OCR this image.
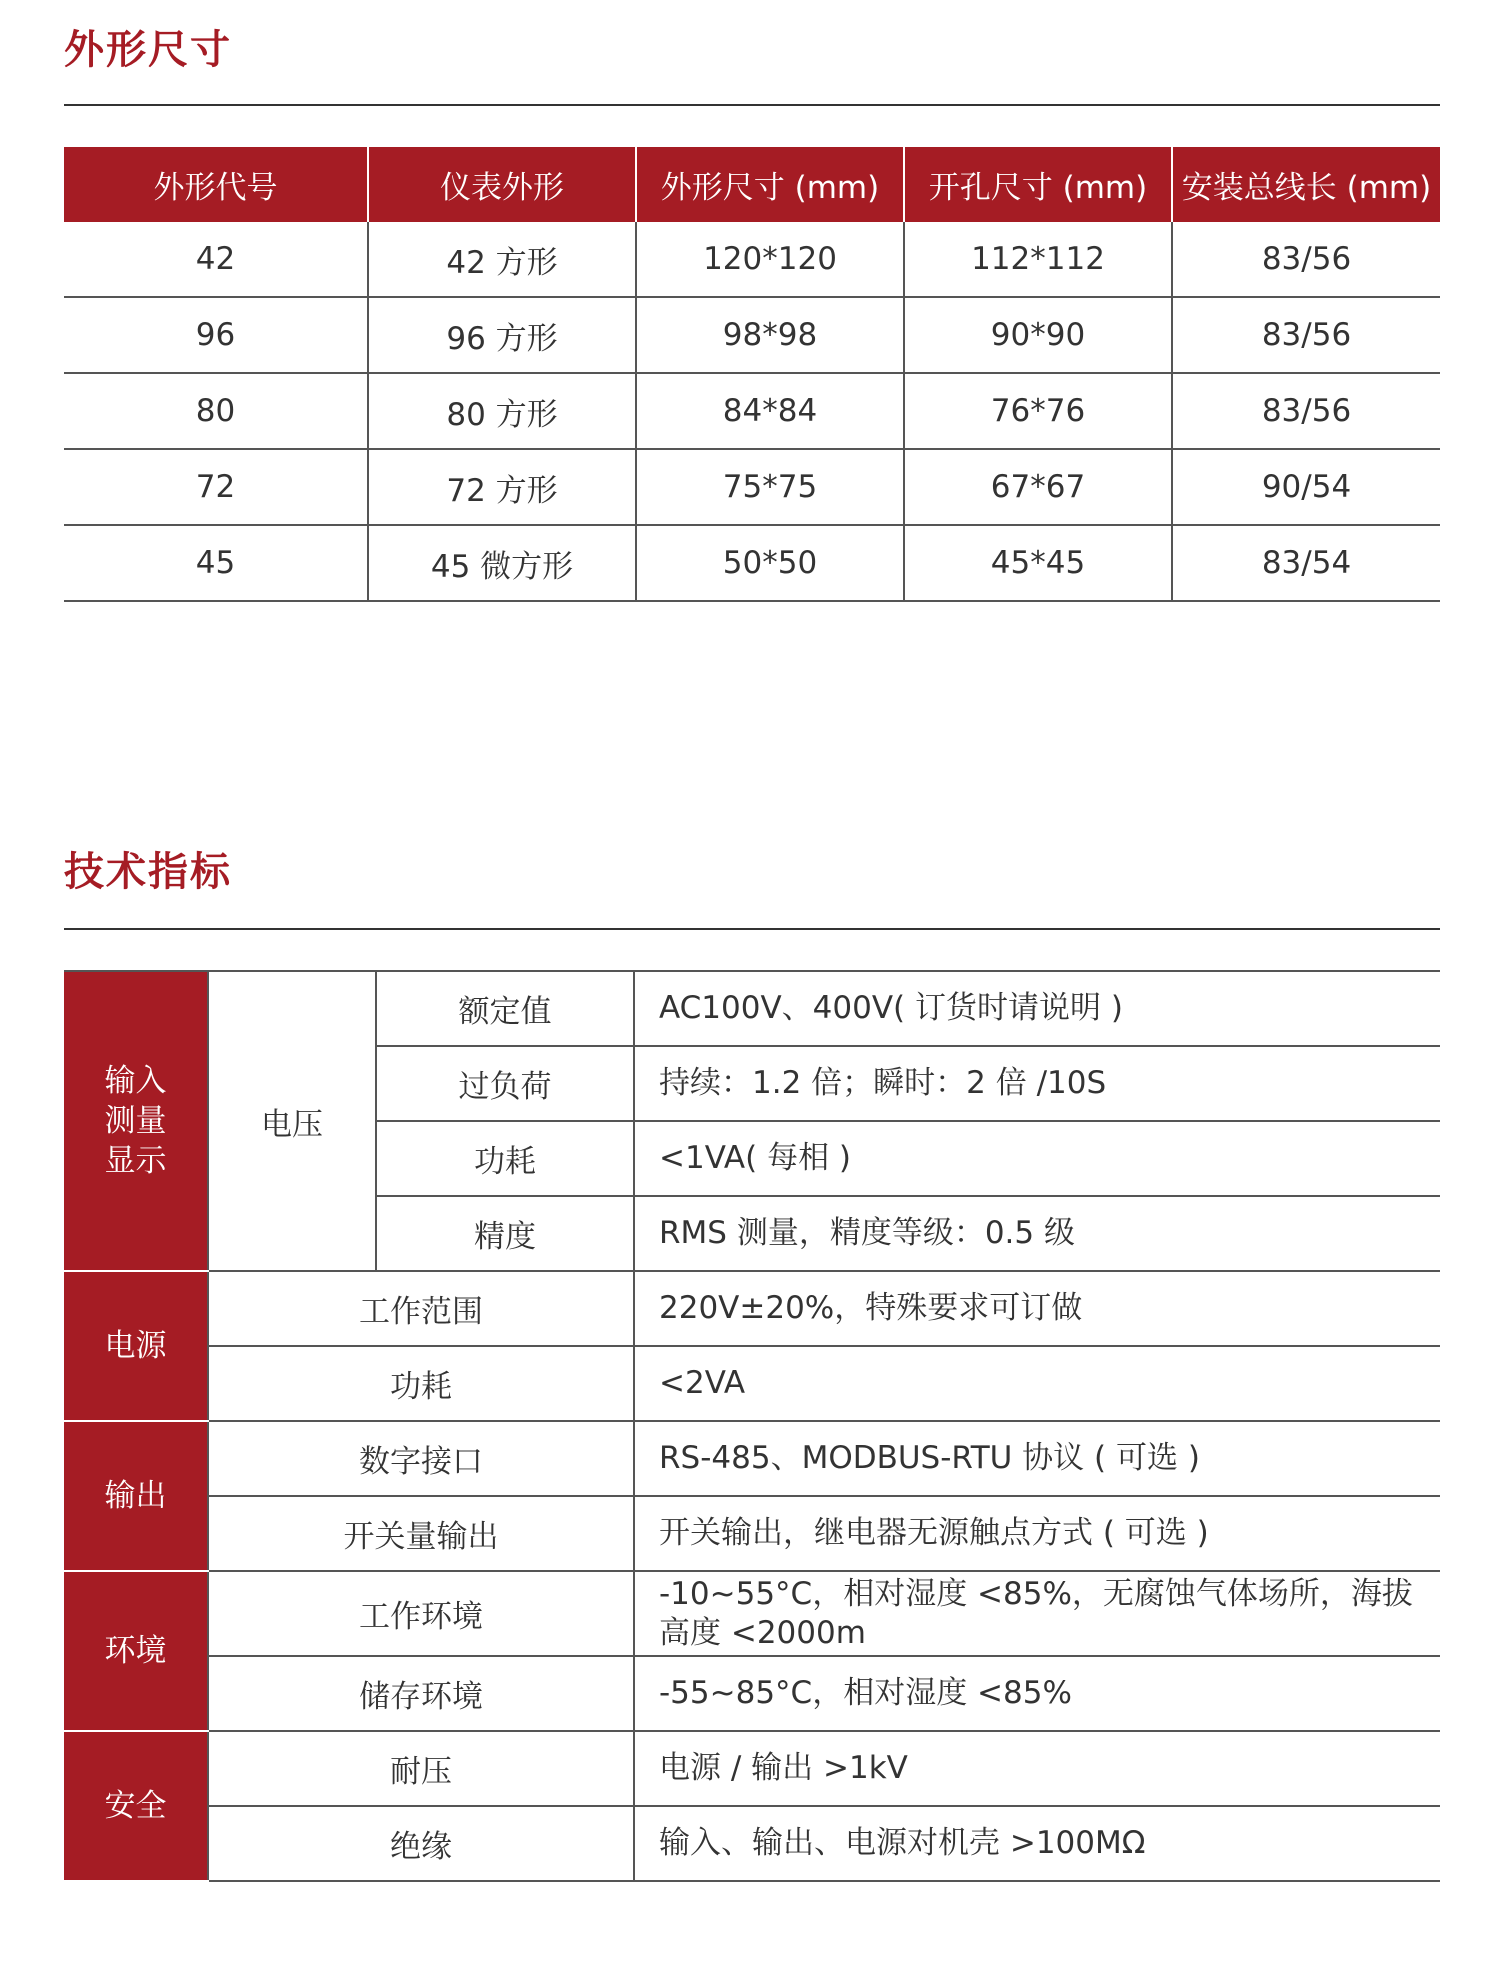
外形尺寸
外形代号	仪表外形	外形尺寸 (mm)	开孔尺寸 (mm)	安装总线长 (mm)
42	42 方形	120*120	112*112	83/56
96	96 方形	98*98	90*90	83/56
80	80 方形	84*84	76*76	83/56
72	72 方形	75*75	67*67	90/54
45	45 微方形	50*50	45*45	83/54
技术指标
输入测量显示	电压	额定值	AC100V、400V( 订货时请说明 )
		过负荷	持续：1.2 倍；瞬时：2 倍 /10S
		功耗	<1VA( 每相 )
		精度	RMS 测量，精度等级：0.5 级
电源	工作范围		220V±20%，特殊要求可订做
	功耗		<2VA
输出	数字接口		RS-485、MODBUS-RTU 协议 ( 可选 )
	开关量输出		开关输出，继电器无源触点方式 ( 可选 )
环境	工作环境		-10~55°C，相对湿度 <85%，无腐蚀气体场所，海拔高度 <2000m
	储存环境		-55~85°C，相对湿度 <85%
安全	耐压		电源 / 输出 >1kV
	绝缘		输入、输出、电源对机壳 >100MΩ
